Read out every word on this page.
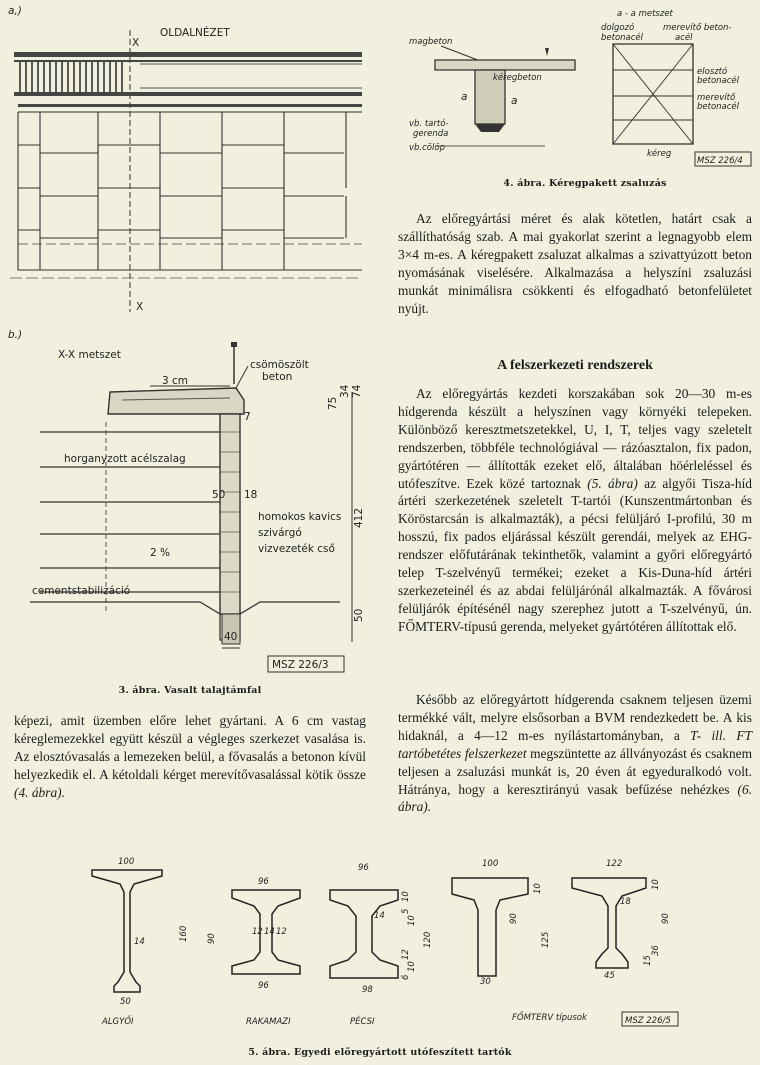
a,)
OLDALNÉZET
X
X
b.)
X-X metszet
csömöszölt
beton
3 cm
horganyzott acélszalag
50 18
homokos kavics
szivárgó
vizvezeték cső
2 %
cementstabilizáció
75
34 74
7
412
50
40
MSZ 226/3
3. ábra. Vasalt talajtámfal
magbeton
kéregbeton
a	a
vb. tartó-
gerenda
vb.cölöp
a - a metszet
dolgozó
betonacél
merevítő beton-
acél
elosztó
betonacél
merevítő
betonacél
kéreg
MSZ 226/4
4. ábra. Kéregpakett zsaluzás

Az előregyártási méret és alak kötetlen, határt csak a szállíthatóság szab. A mai gyakorlat szerint a legnagyobb elem 3×4 m-es. A kéregpakett zsaluzat alkalmas a szivattyúzott beton nyomásának viselésére. Alkalmazása a helyszíni zsaluzási munkát minimálisra csökkenti és elfogadható betonfelületet nyújt.

A felszerkezeti rendszerek

Az előregyártás kezdeti korszakában sok 20—30 m-es hídgerenda készült a helyszínen vagy környéki telepeken. Különböző keresztmetszetekkel, U, I, T, teljes vagy szeletelt rendszerben, többféle technológiával — rázóasztalon, fix padon, gyártótéren — állították ezeket elő, általában höérleléssel és utófeszítve. Ezek közé tartoznak (5. ábra) az algyői Tisza-híd ártéri szerkezetének szeletelt T-tartói (Kunszentmártonban és Köröstarcsán is alkalmazták), a pécsi felüljáró I-profilú, 30 m hosszú, fix pados eljárással készült gerendái, melyek az EHG-rendszer előfutárának tekinthetők, valamint a győri előregyártó telep T-szelvényű termékei; ezeket a Kis-Duna-híd ártéri szerkezeteinél és az abdai felüljárónál alkalmazták. A fővárosi felüljárók építésénél nagy szerephez jutott a T-szelvényű, ún. FŐMTERV-típusú gerenda, melyeket gyártótéren állítottak elő.

Később az előregyártott hídgerenda csaknem teljesen üzemi termékké vált, melyre elsősorban a BVM rendezkedett be. A kis hidaknál, a 4—12 m-es nyílástartományban, a T- ill. FT tartóbetétes felszerkezet megszüntette az állványozást és csaknem teljesen a zsaluzási munkát is, 20 éven át egyeduralkodó volt. Hátránya, hogy a keresztirányú vasak befűzése nehézkes (6. ábra).

képezi, amit üzemben előre lehet gyártani. A 6 cm vastag kéreglemezekkel együtt készül a végleges szerkezet vasalása is. Az elosztóvasalás a lemezeken belül, a fővasalás a betonon kívül helyezkedik el. A kétoldali kérget merevítővasalással kötik össze (4. ábra).

100
14	160
50
96
90
12 14 12
96
96
14
120
10
5
10
12
10
6
98
100
10
90
125
30
122
10
18
90
36
15
45
ALGYŐI	RAKAMAZI	PÉCSI	FŐMTERV típusok	MSZ 226/5
5. ábra. Egyedi előregyártott utófeszített tartók
